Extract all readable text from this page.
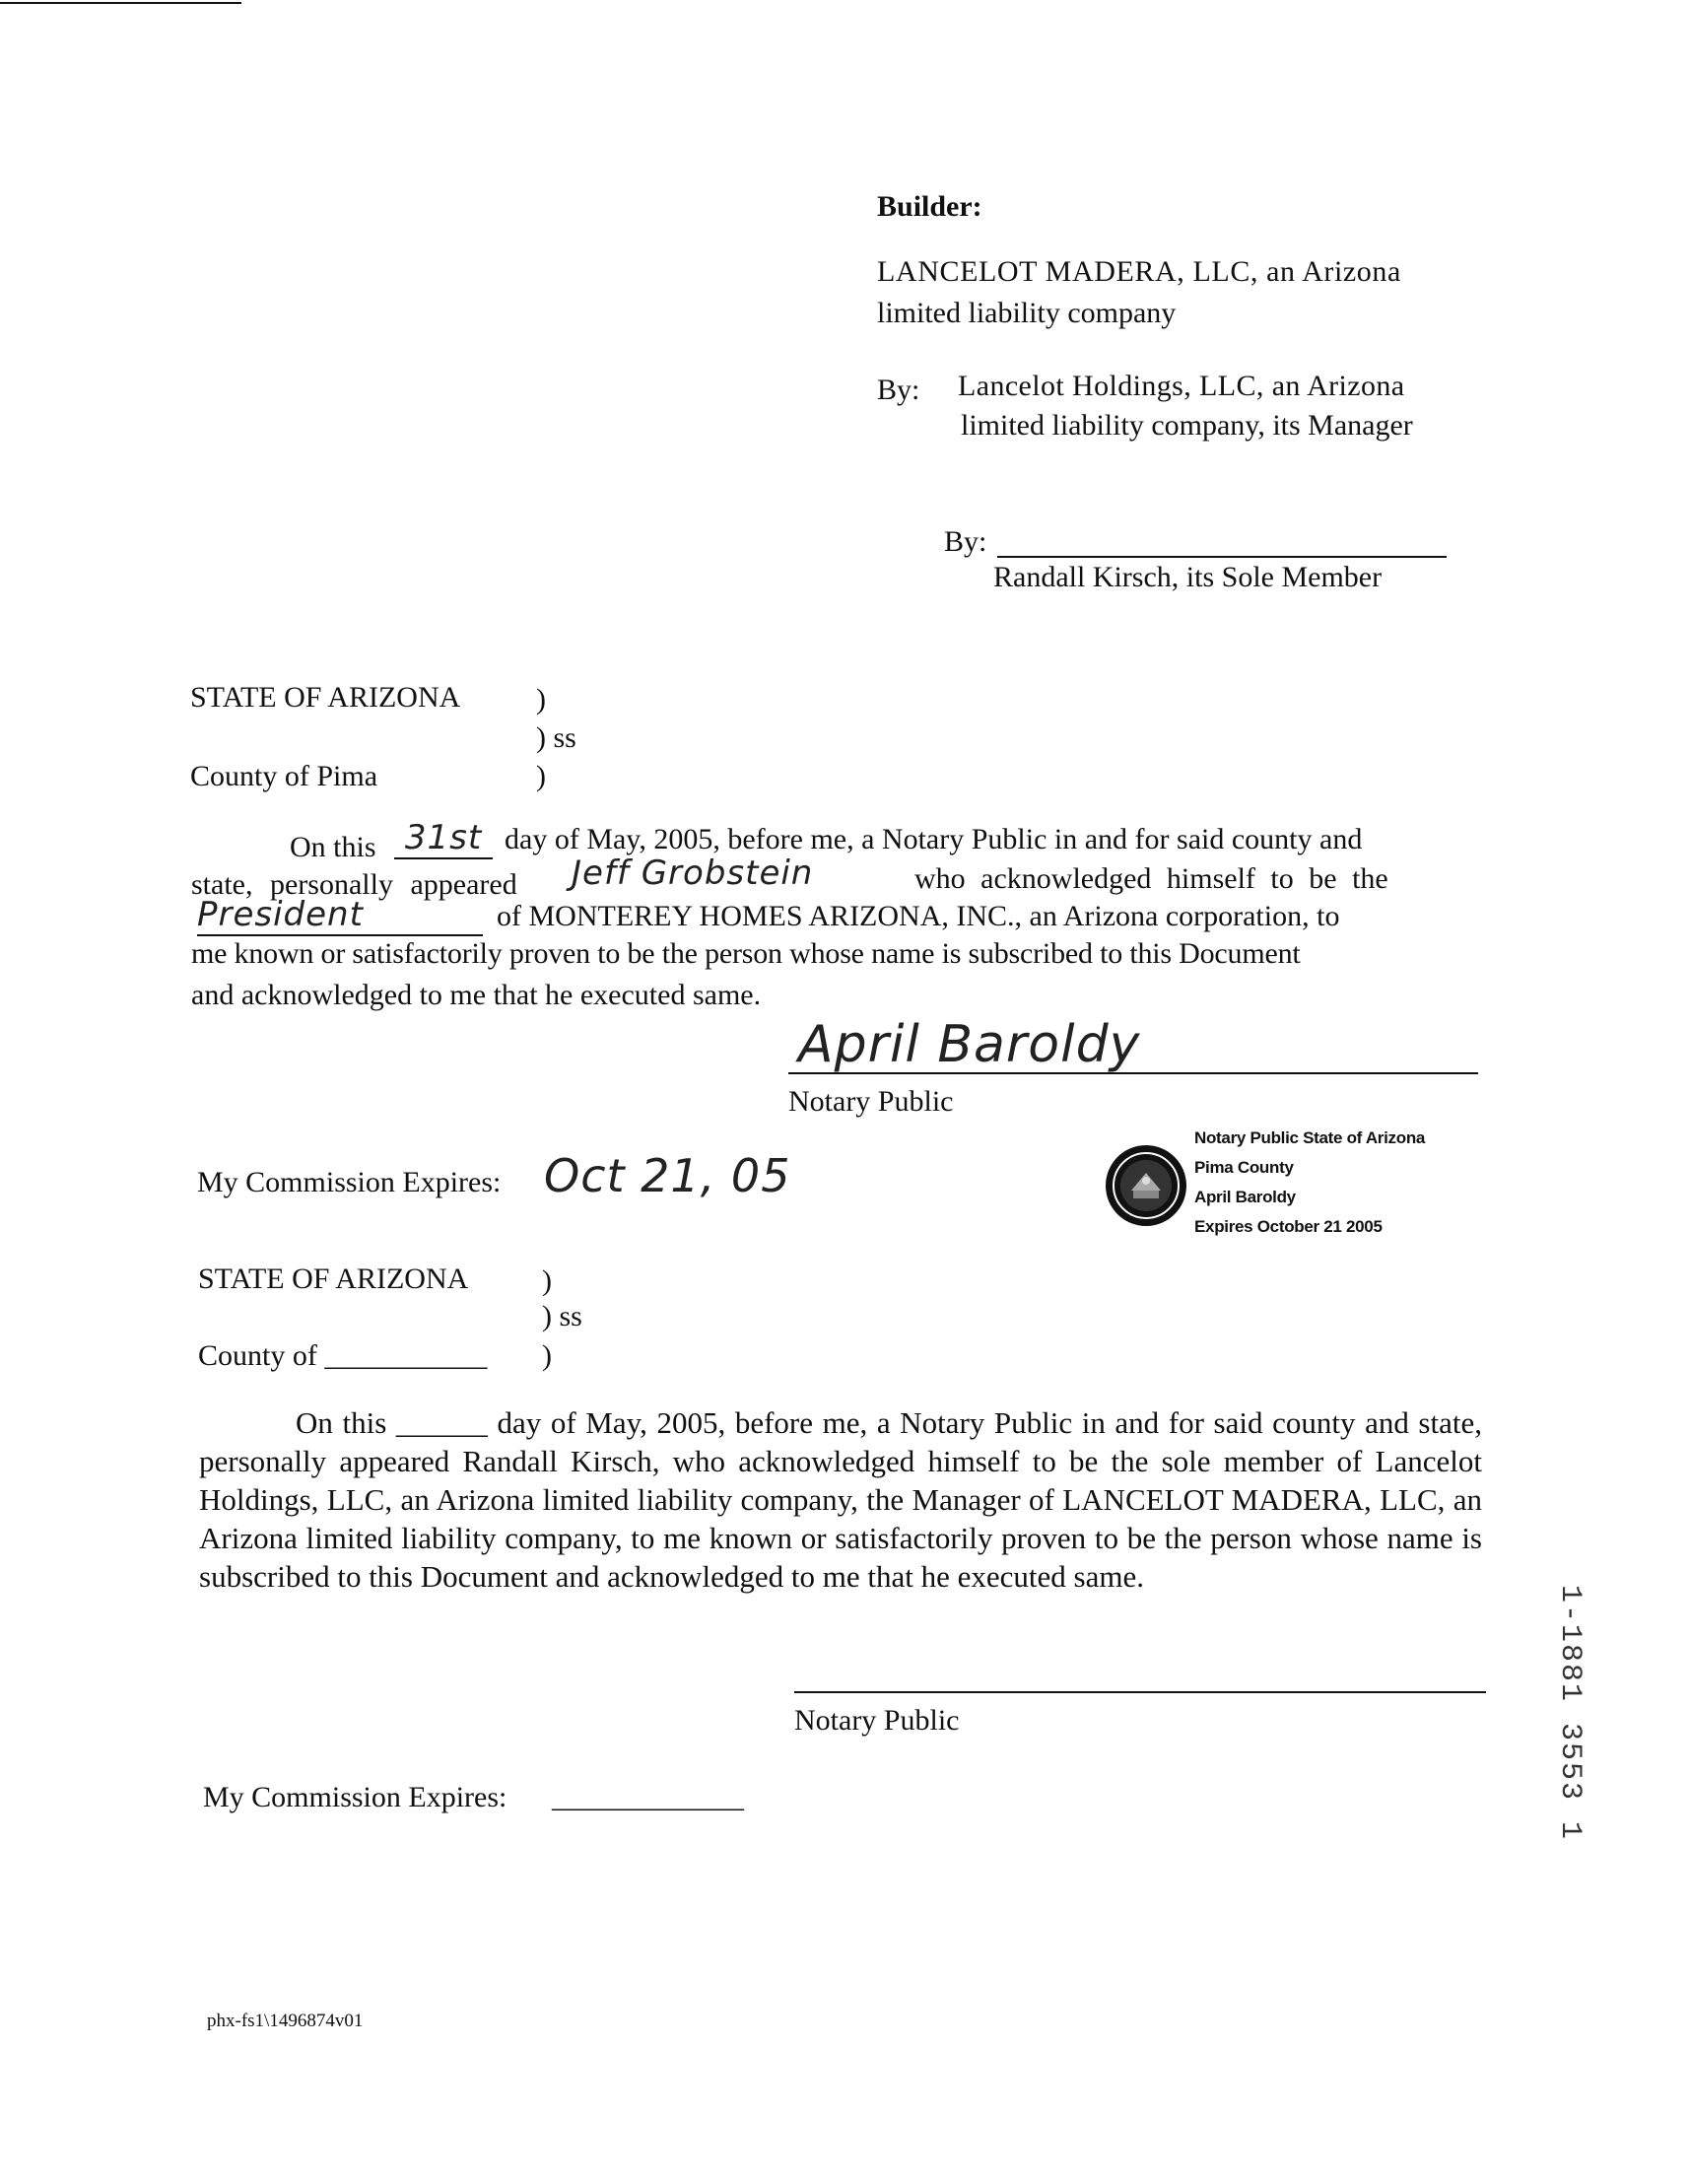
Builder:
LANCELOT MADERA, LLC, an Arizona
limited liability company
By: Lancelot Holdings, LLC, an Arizona
limited liability company, its Manager
By:
Randall Kirsch, its Sole Member
STATE OF ARIZONA	)
) ss
County of Pima	)
On this 31st day of May, 2005, before me, a Notary Public in and for said county and
state, personally appeared Jeff Grobstein	who acknowledged himself to be the
President	of MONTEREY HOMES ARIZONA, INC., an Arizona corporation, to
me known or satisfactorily proven to be the person whose name is subscribed to this Document
and acknowledged to me that he executed same.
April Baroldy
Notary Public
My Commission Expires: Oct 21, 05
Notary Public State of Arizona
Pima County
April Baroldy
Expires October 21 2005
STATE OF ARIZONA )
) ss
County of ___________ )
On this ______ day of May, 2005, before me, a Notary Public in and for said county and state, personally appeared Randall Kirsch, who acknowledged himself to be the sole member of Lancelot Holdings, LLC, an Arizona limited liability company, the Manager of LANCELOT MADERA, LLC, an Arizona limited liability company, to me known or satisfactorily proven to be the person whose name is subscribed to this Document and acknowledged to me that he executed same.
Notary Public
My Commission Expires: _____________	1-1881 3553 1
phx-fs1\1496874v01
